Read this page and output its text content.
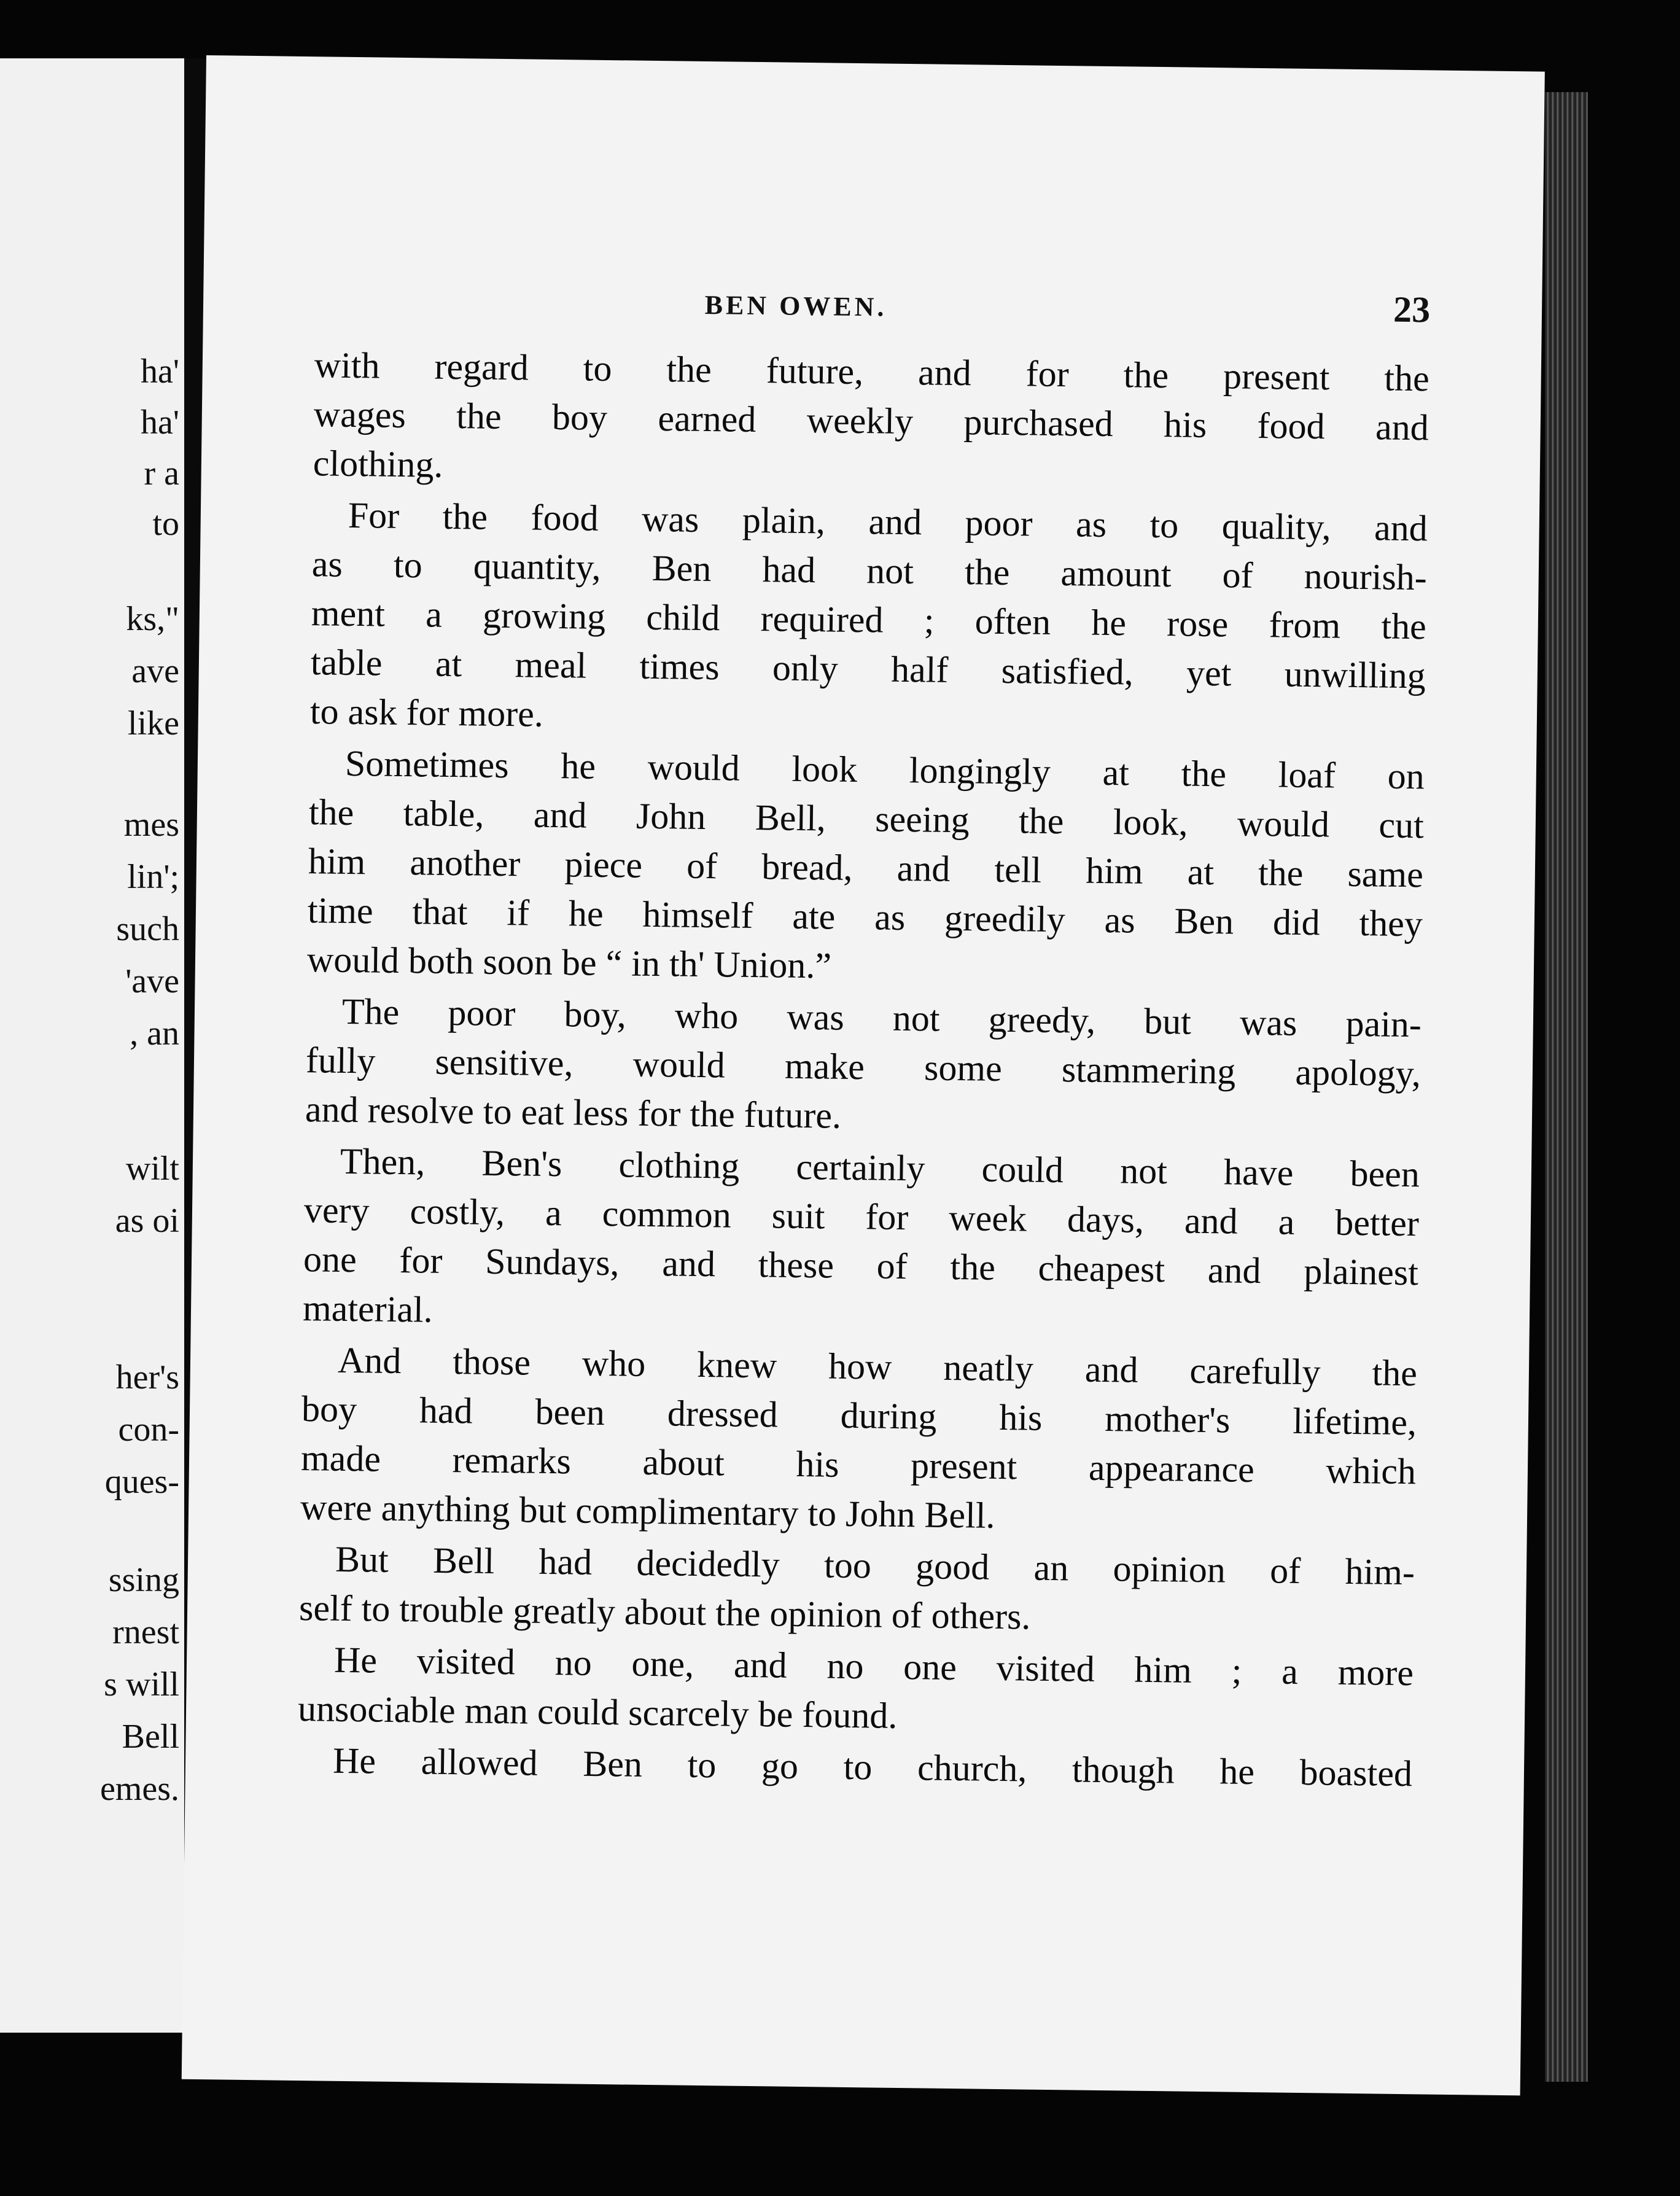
ha'
ha'
r a
to
ks,"
ave
like
mes
lin';
such
'ave
, an
wilt
as oi
her's
con-
ques-
ssing
rnest
s will
Bell
emes.
BEN OWEN.	23
with regard to the future, and for the present the
wages the boy earned weekly purchased his food and
clothing.
For the food was plain, and poor as to quality, and
as to quantity, Ben had not the amount of nourish-
ment a growing child required ; often he rose from the
table at meal times only half satisfied, yet unwilling
to ask for more.
Sometimes he would look longingly at the loaf on
the table, and John Bell, seeing the look, would cut
him another piece of bread, and tell him at the same
time that if he himself ate as greedily as Ben did they
would both soon be “ in th' Union.”
The poor boy, who was not greedy, but was pain-
fully sensitive, would make some stammering apology,
and resolve to eat less for the future.
Then, Ben's clothing certainly could not have been
very costly, a common suit for week days, and a better
one for Sundays, and these of the cheapest and plainest
material.
And those who knew how neatly and carefully the
boy had been dressed during his mother's lifetime,
made remarks about his present appearance which
were anything but complimentary to John Bell.
But Bell had decidedly too good an opinion of him-
self to trouble greatly about the opinion of others.
He visited no one, and no one visited him ; a more
unsociable man could scarcely be found.
He allowed Ben to go to church, though he boasted
